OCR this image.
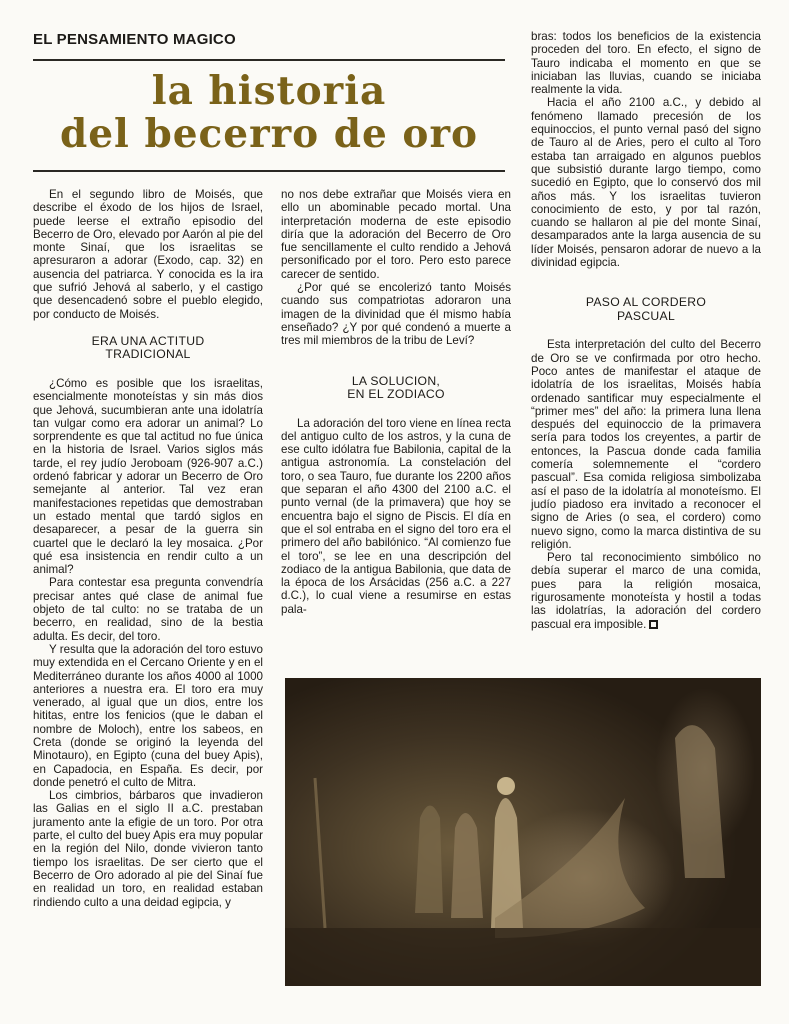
EL PENSAMIENTO MAGICO
la historia
del becerro de oro

En el segundo libro de Moisés, que describe el éxodo de los hijos de Israel, puede leerse el extraño episodio del Becerro de Oro, elevado por Aarón al pie del monte Sinaí, que los israelitas se apresuraron a adorar (Exodo, cap. 32) en ausencia del patriarca. Y conocida es la ira que sufrió Jehová al saberlo, y el castigo que desencadenó sobre el pueblo elegido, por conducto de Moisés.

ERA UNA ACTITUD
TRADICIONAL

¿Cómo es posible que los israelitas, esencialmente monoteístas y sin más dios que Jehová, sucumbieran ante una idolatría tan vulgar como era adorar un animal? Lo sorprendente es que tal actitud no fue única en la historia de Israel. Varios siglos más tarde, el rey judío Jeroboam (926-907 a.C.) ordenó fabricar y adorar un Becerro de Oro semejante al anterior. Tal vez eran manifestaciones repetidas que demostraban un estado mental que tardó siglos en desaparecer, a pesar de la guerra sin cuartel que le declaró la ley mosaica. ¿Por qué esa insistencia en rendir culto a un animal?

Para contestar esa pregunta convendría precisar antes qué clase de animal fue objeto de tal culto: no se trataba de un becerro, en realidad, sino de la bestia adulta. Es decir, del toro.

Y resulta que la adoración del toro estuvo muy extendida en el Cercano Oriente y en el Mediterráneo durante los años 4000 al 1000 anteriores a nuestra era. El toro era muy venerado, al igual que un dios, entre los hititas, entre los fenicios (que le daban el nombre de Moloch), entre los sabeos, en Creta (donde se originó la leyenda del Minotauro), en Egipto (cuna del buey Apis), en Capadocia, en España. Es decir, por donde penetró el culto de Mitra.

Los cimbrios, bárbaros que invadieron las Galias en el siglo II a.C. prestaban juramento ante la efigie de un toro. Por otra parte, el culto del buey Apis era muy popular en la región del Nilo, donde vivieron tanto tiempo los israelitas. De ser cierto que el Becerro de Oro adorado al pie del Sinaí fue en realidad un toro, en realidad estaban rindiendo culto a una deidad egipcia, y

no nos debe extrañar que Moisés viera en ello un abominable pecado mortal. Una interpretación moderna de este episodio diría que la adoración del Becerro de Oro fue sencillamente el culto rendido a Jehová personificado por el toro. Pero esto parece carecer de sentido.

¿Por qué se encolerizó tanto Moisés cuando sus compatriotas adoraron una imagen de la divinidad que él mismo había enseñado? ¿Y por qué condenó a muerte a tres mil miembros de la tribu de Leví?

LA SOLUCION,
EN EL ZODIACO

La adoración del toro viene en línea recta del antiguo culto de los astros, y la cuna de ese culto idólatra fue Babilonia, capital de la antigua astronomía. La constelación del toro, o sea Tauro, fue durante los 2200 años que separan el año 4300 del 2100 a.C. el punto vernal (de la primavera) que hoy se encuentra bajo el signo de Piscis. El día en que el sol entraba en el signo del toro era el primero del año babilónico. “Al comienzo fue el toro”, se lee en una descripción del zodiaco de la antigua Babilonia, que data de la época de los Arsácidas (256 a.C. a 227 d.C.), lo cual viene a resumirse en estas pala-

bras: todos los beneficios de la existencia proceden del toro. En efecto, el signo de Tauro indicaba el momento en que se iniciaban las lluvias, cuando se iniciaba realmente la vida.

Hacia el año 2100 a.C., y debido al fenómeno llamado precesión de los equinoccios, el punto vernal pasó del signo de Tauro al de Aries, pero el culto al Toro estaba tan arraigado en algunos pueblos que subsistió durante largo tiempo, como sucedió en Egipto, que lo conservó dos mil años más. Y los israelitas tuvieron conocimiento de esto, y por tal razón, cuando se hallaron al pie del monte Sinaí, desamparados ante la larga ausencia de su líder Moisés, pensaron adorar de nuevo a la divinidad egipcia.

PASO AL CORDERO
PASCUAL

Esta interpretación del culto del Becerro de Oro se ve confirmada por otro hecho. Poco antes de manifestar el ataque de idolatría de los israelitas, Moisés había ordenado santificar muy especialmente el “primer mes” del año: la primera luna llena después del equinoccio de la primavera sería para todos los creyentes, a partir de entonces, la Pascua donde cada familia comería solemnemente el “cordero pascual”. Esa comida religiosa simbolizaba así el paso de la idolatría al monoteísmo. El judío piadoso era invitado a reconocer el signo de Aries (o sea, el cordero) como nuevo signo, como la marca distintiva de su religión.

Pero tal reconocimiento simbólico no debía superar el marco de una comida, pues para la religión mosaica, rigurosamente monoteísta y hostil a todas las idolatrías, la adoración del cordero pascual era imposible.
